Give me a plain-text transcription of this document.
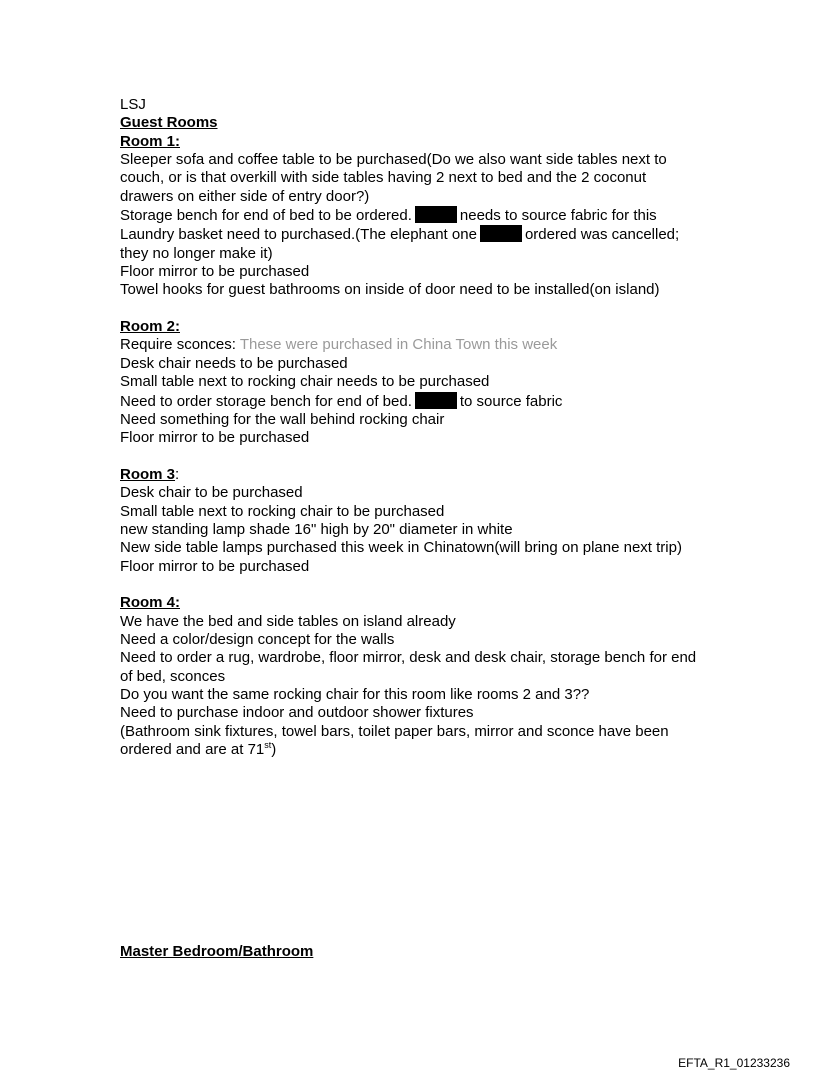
LSJ

Guest Rooms

Room 1:

Sleeper sofa and coffee table to be purchased(Do we also want side tables next to couch, or is that overkill with side tables having 2 next to bed and the 2 coconut drawers on either side of entry door?)

Storage bench for end of bed to be ordered.	needs to source fabric for this

Laundry basket need to purchased.(The elephant one	ordered was cancelled; they no longer make it)

Floor mirror to be purchased

Towel hooks for guest bathrooms on inside of door need to be installed(on island)

Room 2:

Require sconces: These were purchased in China Town this week

Desk chair needs to be purchased

Small table next to rocking chair needs to be purchased

Need to order storage bench for end of bed.	to source fabric

Need something for the wall behind rocking chair

Floor mirror to be purchased

Room 3:

Desk chair to be purchased

Small table next to rocking chair to be purchased

new standing lamp shade 16" high by 20" diameter in white

New side table lamps purchased this week in Chinatown(will bring on plane next trip)

Floor mirror to be purchased

Room 4:

We have the bed and side tables on island already

Need a color/design concept for the walls

Need to order a rug, wardrobe, floor mirror, desk and desk chair, storage bench for end of bed, sconces

Do you want the same rocking chair for this room like rooms 2 and 3??

Need to purchase indoor and outdoor shower fixtures

(Bathroom sink fixtures, towel bars, toilet paper bars, mirror and sconce have been ordered and are at 71st)

Master Bedroom/Bathroom
EFTA_R1_01233236
